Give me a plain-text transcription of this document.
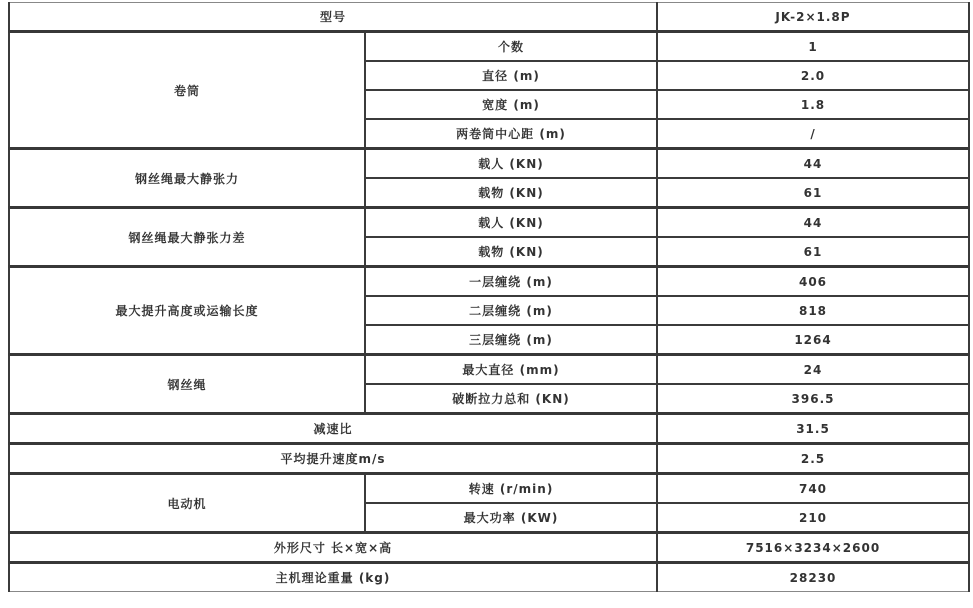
型号		JK-2×1.8P
卷筒	个数	1
	直径 (m)	2.0
	宽度 (m)	1.8
	两卷筒中心距 (m)	/
钢丝绳最大静张力	载人 (KN)	44
	载物 (KN)	61
钢丝绳最大静张力差	载人 (KN)	44
	载物 (KN)	61
最大提升高度或运输长度	一层缠绕 (m)	406
	二层缠绕 (m)	818
	三层缠绕 (m)	1264
钢丝绳	最大直径 (mm)	24
	破断拉力总和 (KN)	396.5
减速比		31.5
平均提升速度m/s		2.5
电动机	转速 (r/min)	740
	最大功率 (KW)	210
外形尺寸 长×宽×高		7516×3234×2600
主机理论重量 (kg)		28230
